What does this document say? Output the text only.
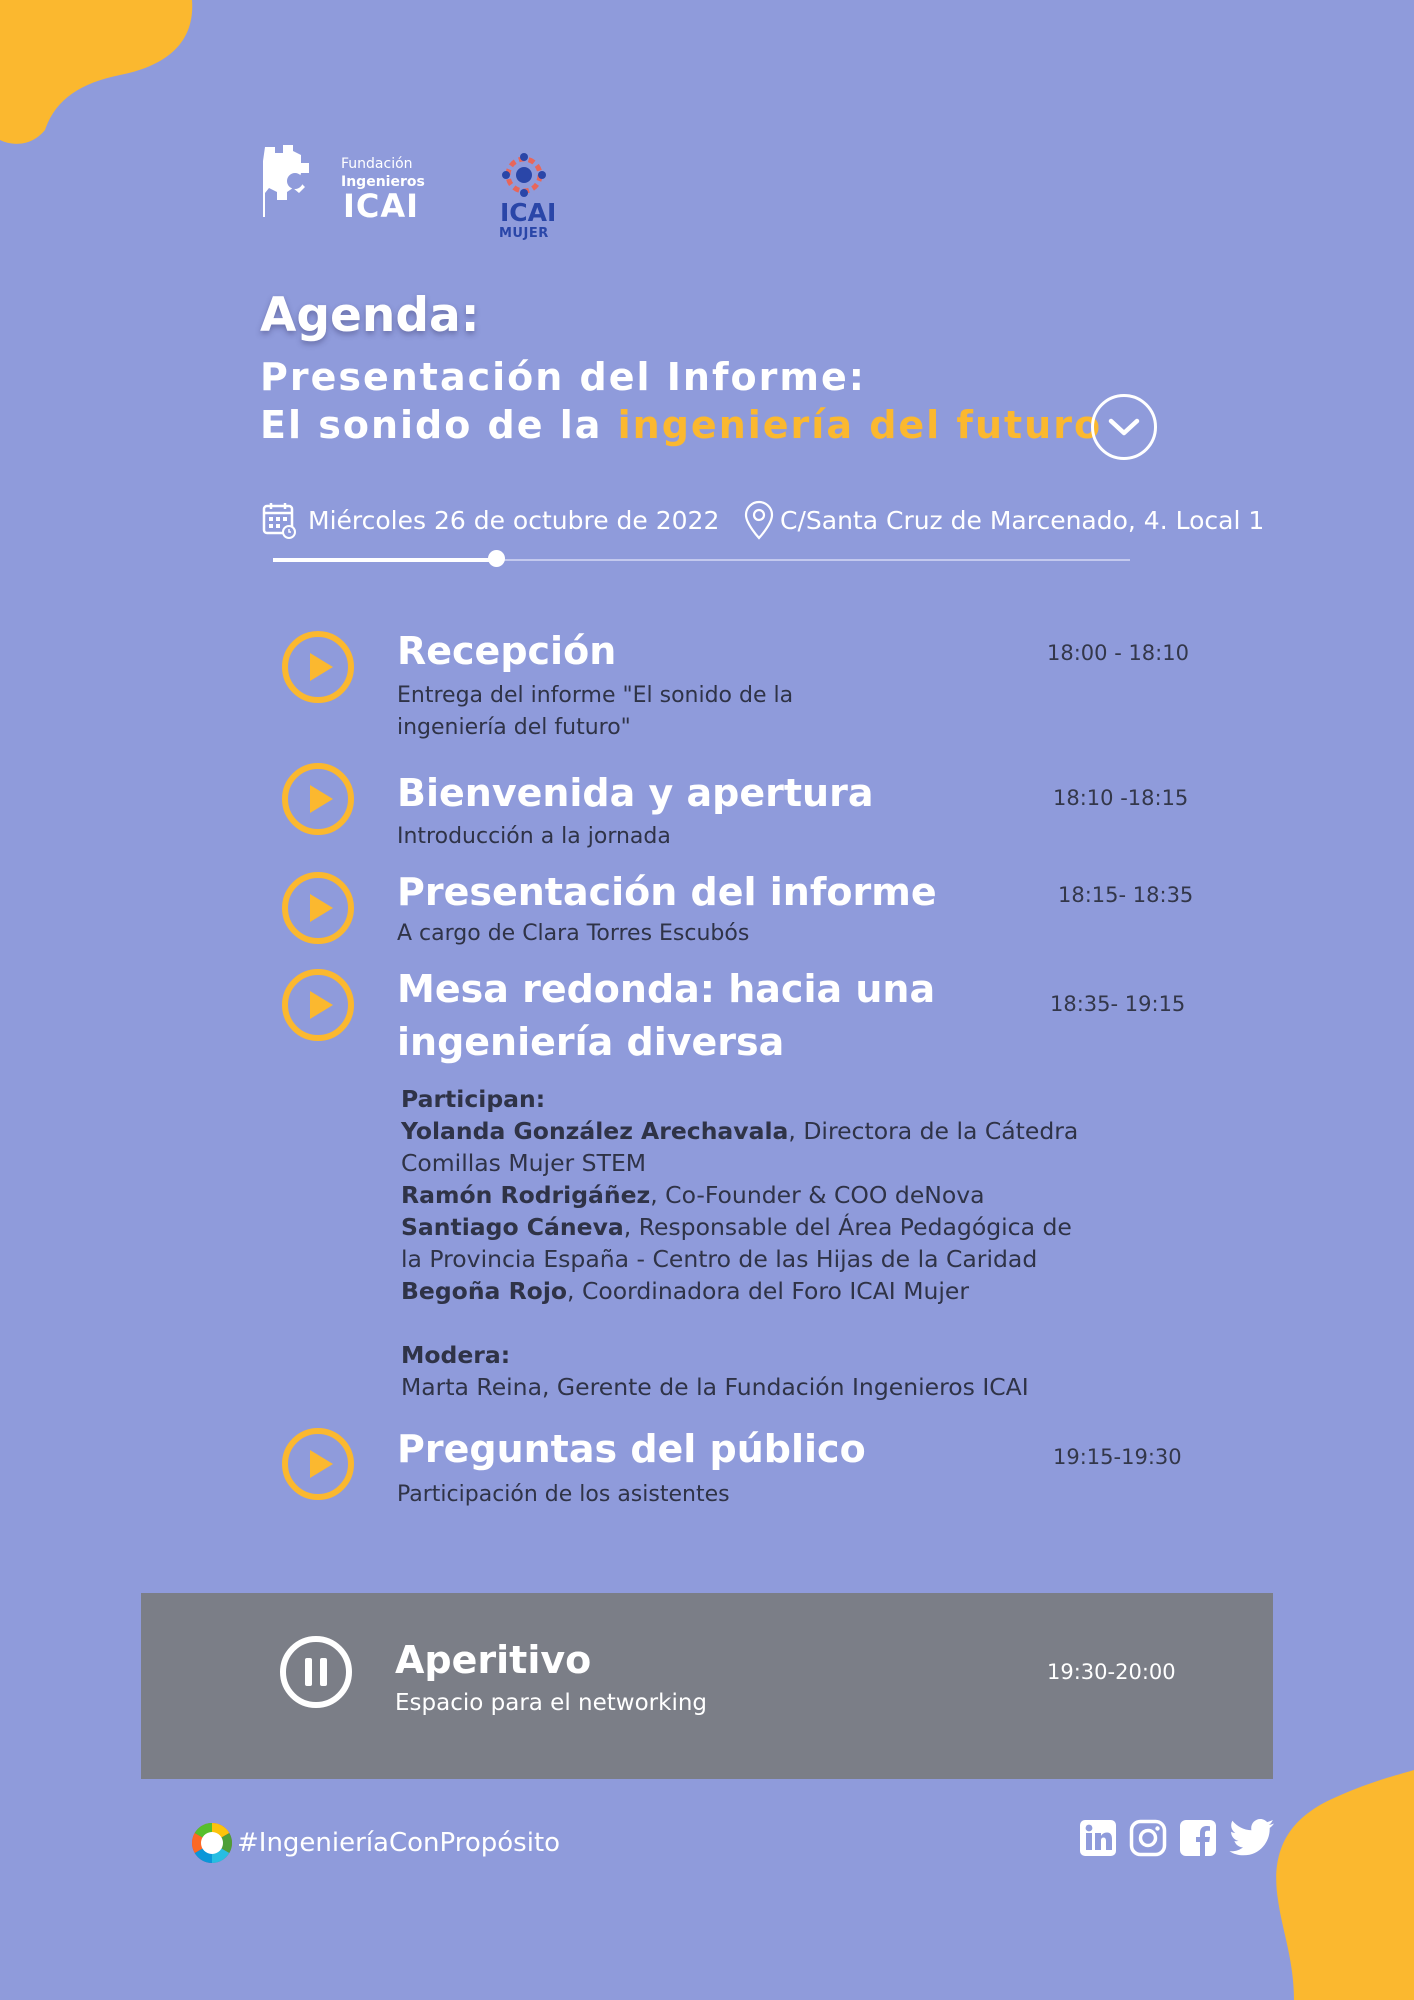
Fundación
Ingenieros
ICAI	ICAI
MUJER
Agenda:
Presentación del Informe:
El sonido de la ingeniería del futuro
Miércoles 26 de octubre de 2022 C/Santa Cruz de Marcenado, 4. Local 1
Recepción	18:00 - 18:10
Entrega del informe "El sonido de la
ingeniería del futuro"
Bienvenida y apertura	18:10 -18:15
Introducción a la jornada
Presentación del informe	18:15- 18:35
A cargo de Clara Torres Escubós
Mesa redonda: hacia una
ingeniería diversa
18:35- 19:15
Participan:
Yolanda González Arechavala, Directora de la Cátedra
Comillas Mujer STEM
Ramón Rodrigáñez, Co-Founder & COO deNova
Santiago Cáneva, Responsable del Área Pedagógica de
la Provincia España - Centro de las Hijas de la Caridad
Begoña Rojo, Coordinadora del Foro ICAI Mujer
Modera:
Marta Reina, Gerente de la Fundación Ingenieros ICAI
Preguntas del público	19:15-19:30
Participación de los asistentes
Aperitivo
Espacio para el networking
19:30-20:00
#IngenieríaConPropósito
